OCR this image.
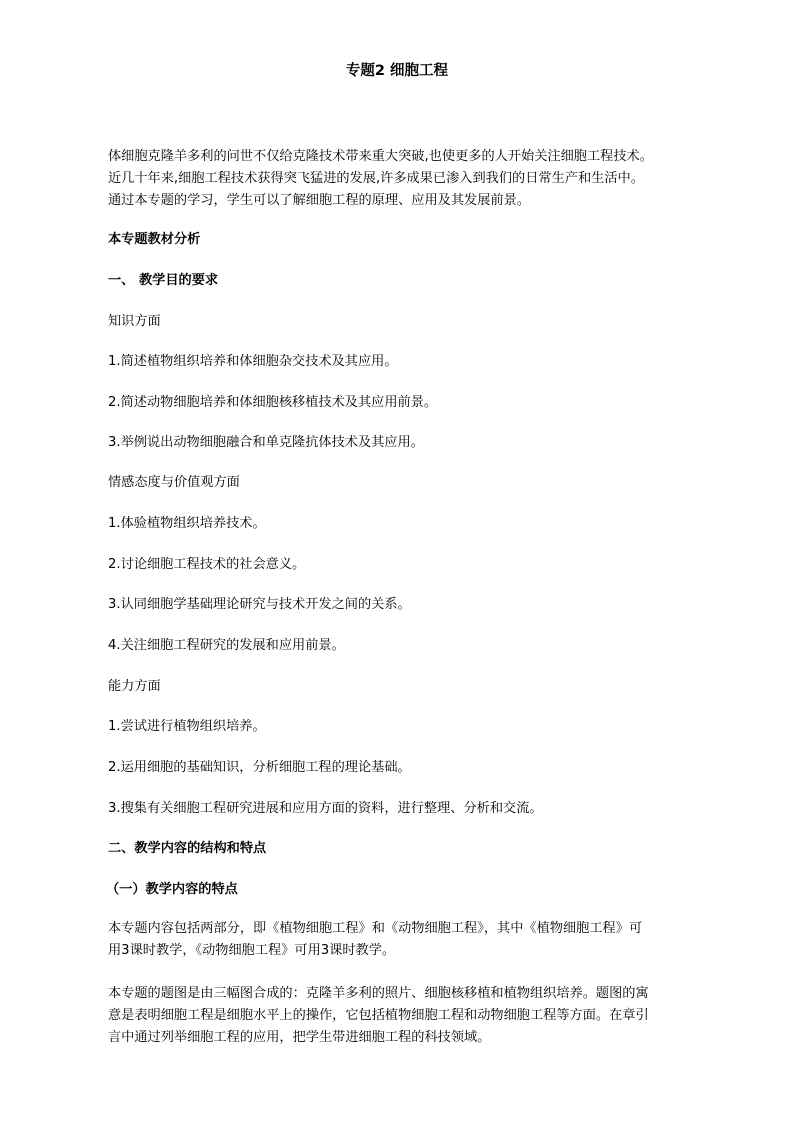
专题2 细胞工程
体细胞克隆羊多利的问世不仅给克隆技术带来重大突破,也使更多的人开始关注细胞工程技术。
近几十年来,细胞工程技术获得突飞猛进的发展,许多成果已渗入到我们的日常生产和生活中。
通过本专题的学习，学生可以了解细胞工程的原理、应用及其发展前景。
本专题教材分析
一、 教学目的要求
知识方面
1.简述植物组织培养和体细胞杂交技术及其应用。
2.简述动物细胞培养和体细胞核移植技术及其应用前景。
3.举例说出动物细胞融合和单克隆抗体技术及其应用。
情感态度与价值观方面
1.体验植物组织培养技术。
2.讨论细胞工程技术的社会意义。
3.认同细胞学基础理论研究与技术开发之间的关系。
4.关注细胞工程研究的发展和应用前景。
能力方面
1.尝试进行植物组织培养。
2.运用细胞的基础知识，分析细胞工程的理论基础。
3.搜集有关细胞工程研究进展和应用方面的资料，进行整理、分析和交流。
二、教学内容的结构和特点
（一）教学内容的特点
本专题内容包括两部分，即《植物细胞工程》和《动物细胞工程》，其中《植物细胞工程》可
用3课时教学，《动物细胞工程》可用3课时教学。
本专题的题图是由三幅图合成的：克隆羊多利的照片、细胞核移植和植物组织培养。题图的寓
意是表明细胞工程是细胞水平上的操作，它包括植物细胞工程和动物细胞工程等方面。在章引
言中通过列举细胞工程的应用，把学生带进细胞工程的科技领域。
